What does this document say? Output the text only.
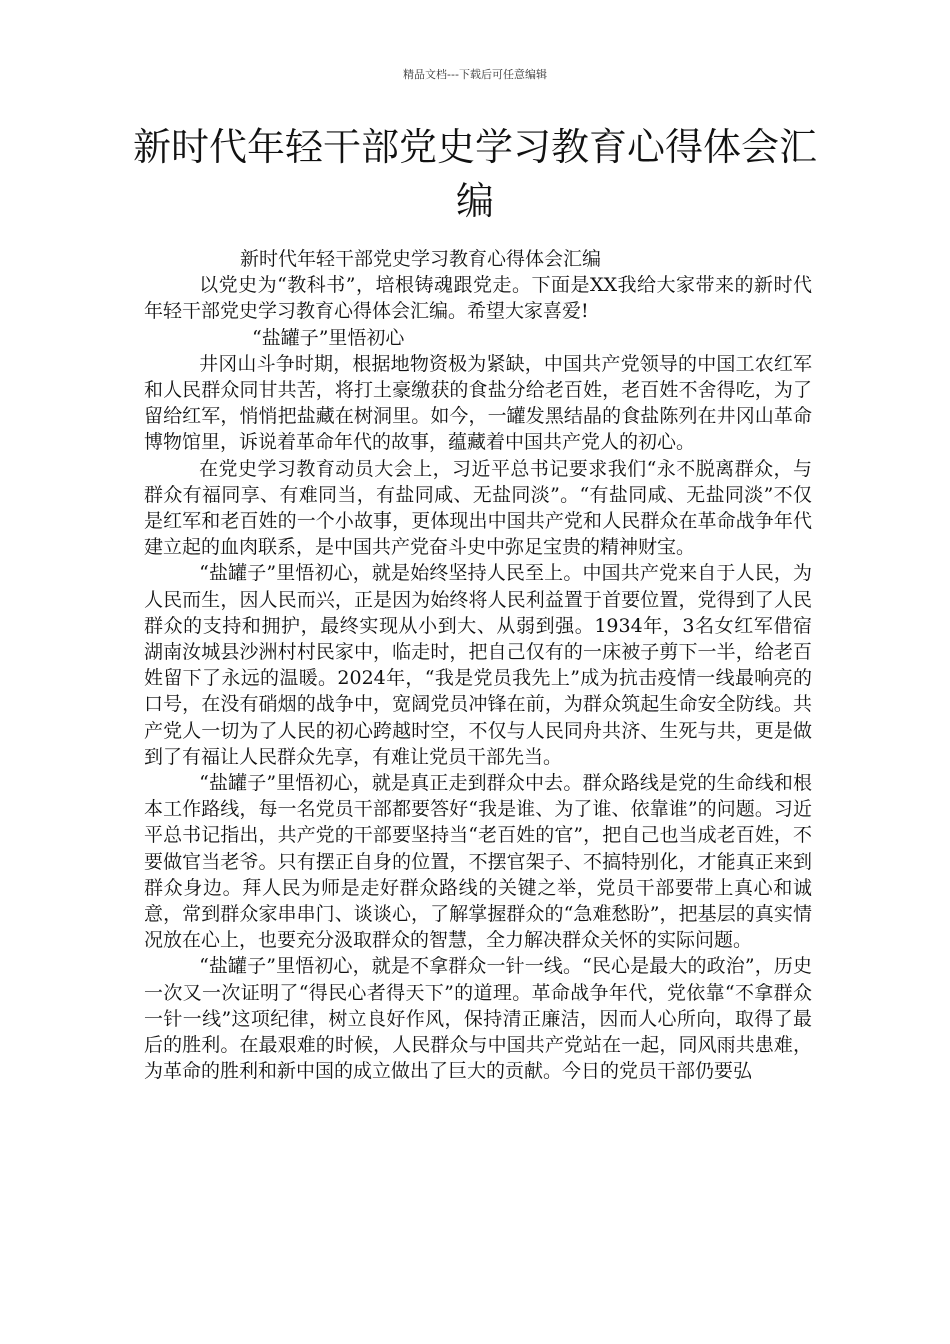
精品文档---下载后可任意编辑
新时代年轻干部党史学习教育心得体会汇编

新时代年轻干部党史学习教育心得体会汇编

以党史为“教科书”，培根铸魂跟党走。下面是XX我给大家带来的新时代年轻干部党史学习教育心得体会汇编。希望大家喜爱!

“盐罐子”里悟初心

井冈山斗争时期，根据地物资极为紧缺，中国共产党领导的中国工农红军和人民群众同甘共苦，将打土豪缴获的食盐分给老百姓，老百姓不舍得吃，为了留给红军，悄悄把盐藏在树洞里。如今，一罐发黑结晶的食盐陈列在井冈山革命博物馆里，诉说着革命年代的故事，蕴藏着中国共产党人的初心。

在党史学习教育动员大会上，习近平总书记要求我们“永不脱离群众，与群众有福同享、有难同当，有盐同咸、无盐同淡”。“有盐同咸、无盐同淡”不仅是红军和老百姓的一个小故事，更体现出中国共产党和人民群众在革命战争年代建立起的血肉联系，是中国共产党奋斗史中弥足宝贵的精神财宝。

“盐罐子”里悟初心，就是始终坚持人民至上。中国共产党来自于人民，为人民而生，因人民而兴，正是因为始终将人民利益置于首要位置，党得到了人民群众的支持和拥护，最终实现从小到大、从弱到强。1934年，3名女红军借宿湖南汝城县沙洲村村民家中，临走时，把自己仅有的一床被子剪下一半，给老百姓留下了永远的温暖。2024年，“我是党员我先上”成为抗击疫情一线最响亮的口号，在没有硝烟的战争中，宽阔党员冲锋在前，为群众筑起生命安全防线。共产党人一切为了人民的初心跨越时空，不仅与人民同舟共济、生死与共，更是做到了有福让人民群众先享，有难让党员干部先当。

“盐罐子”里悟初心，就是真正走到群众中去。群众路线是党的生命线和根本工作路线，每一名党员干部都要答好“我是谁、为了谁、依靠谁”的问题。习近平总书记指出，共产党的干部要坚持当“老百姓的官”，把自己也当成老百姓，不要做官当老爷。只有摆正自身的位置，不摆官架子、不搞特别化，才能真正来到群众身边。拜人民为师是走好群众路线的关键之举，党员干部要带上真心和诚意，常到群众家串串门、谈谈心，了解掌握群众的“急难愁盼”，把基层的真实情况放在心上，也要充分汲取群众的智慧，全力解决群众关怀的实际问题。

“盐罐子”里悟初心，就是不拿群众一针一线。“民心是最大的政治”，历史一次又一次证明了“得民心者得天下”的道理。革命战争年代，党依靠“不拿群众一针一线”这项纪律，树立良好作风，保持清正廉洁，因而人心所向，取得了最后的胜利。在最艰难的时候，人民群众与中国共产党站在一起，同风雨共患难，为革命的胜利和新中国的成立做出了巨大的贡献。今日的党员干部仍要弘
